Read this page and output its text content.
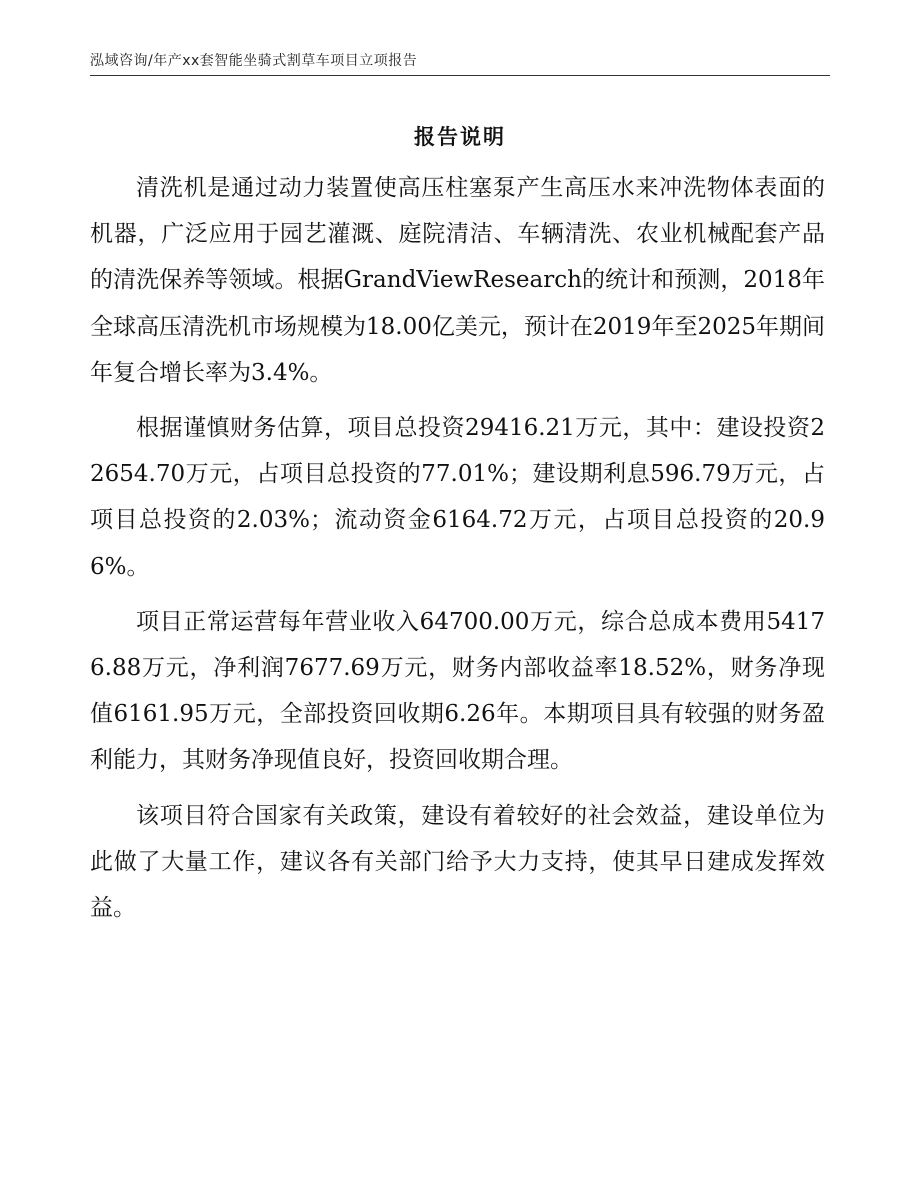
泓域咨询/年产xx套智能坐骑式割草车项目立项报告
报告说明

清洗机是通过动力装置使高压柱塞泵产生高压水来冲洗物体表面的机器，广泛应用于园艺灌溉、庭院清洁、车辆清洗、农业机械配套产品的清洗保养等领域。根据GrandViewResearch的统计和预测，2018年全球高压清洗机市场规模为18.00亿美元，预计在2019年至2025年期间年复合增长率为3.4%。

根据谨慎财务估算，项目总投资29416.21万元，其中：建设投资22654.70万元，占项目总投资的77.01%；建设期利息596.79万元，占项目总投资的2.03%；流动资金6164.72万元，占项目总投资的20.96%。

项目正常运营每年营业收入64700.00万元，综合总成本费用54176.88万元，净利润7677.69万元，财务内部收益率18.52%，财务净现值6161.95万元，全部投资回收期6.26年。本期项目具有较强的财务盈利能力，其财务净现值良好，投资回收期合理。

该项目符合国家有关政策，建设有着较好的社会效益，建设单位为此做了大量工作，建议各有关部门给予大力支持，使其早日建成发挥效益。
